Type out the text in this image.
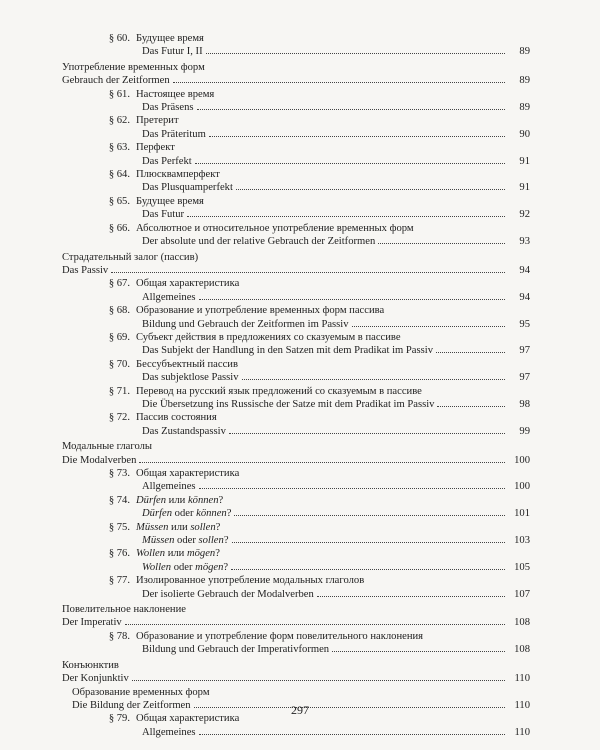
§ 60. Будущее время
Das Futur I, II	89
Употребление временных форм
Gebrauch der Zeitformen	89
§ 61. Настоящее время
Das Präsens	89
§ 62. Претерит
Das Präteritum	90
§ 63. Перфект
Das Perfekt	91
§ 64. Плюсквамперфект
Das Plusquamperfekt	91
§ 65. Будущее время
Das Futur	92
§ 66. Абсолютное и относительное употребление временных форм
Der absolute und der relative Gebrauch der Zeitformen	93
Страдательный залог (пассив)
Das Passiv	94
§ 67. Общая характеристика
Allgemeines	94
§ 68. Образование и употребление временных форм пассива
Bildung und Gebrauch der Zeitformen im Passiv	95
§ 69. Субъект действия в предложениях со сказуемым в пассиве
Das Subjekt der Handlung in den Satzen mit dem Pradikat im Passiv	97
§ 70. Бессубъектный пассив
Das subjektlose Passiv	97
§ 71. Перевод на русский язык предложений со сказуемым в пассиве
Die Übersetzung ins Russische der Satze mit dem Pradikat im Passiv	98
§ 72. Пассив состояния
Das Zustandspassiv	99
Модальные глаголы
Die Modalverben	100
§ 73. Общая характеристика
Allgemeines	100
§ 74. Dürfen или können?
Dürfen oder können?	101
§ 75. Müssen или sollen?
Müssen oder sollen?	103
§ 76. Wollen или mögen?
Wollen oder mögen?	105
§ 77. Изолированное употребление модальных глаголов
Der isolierte Gebrauch der Modalverben	107
Повелительное наклонение
Der Imperativ	108
§ 78. Образование и употребление форм повелительного наклонения
Bildung und Gebrauch der Imperativformen	108
Конъюнктив
Der Konjunktiv	110
Образование временных форм
Die Bildung der Zeitformen	110
§ 79. Общая характеристика
Allgemeines	110
297
